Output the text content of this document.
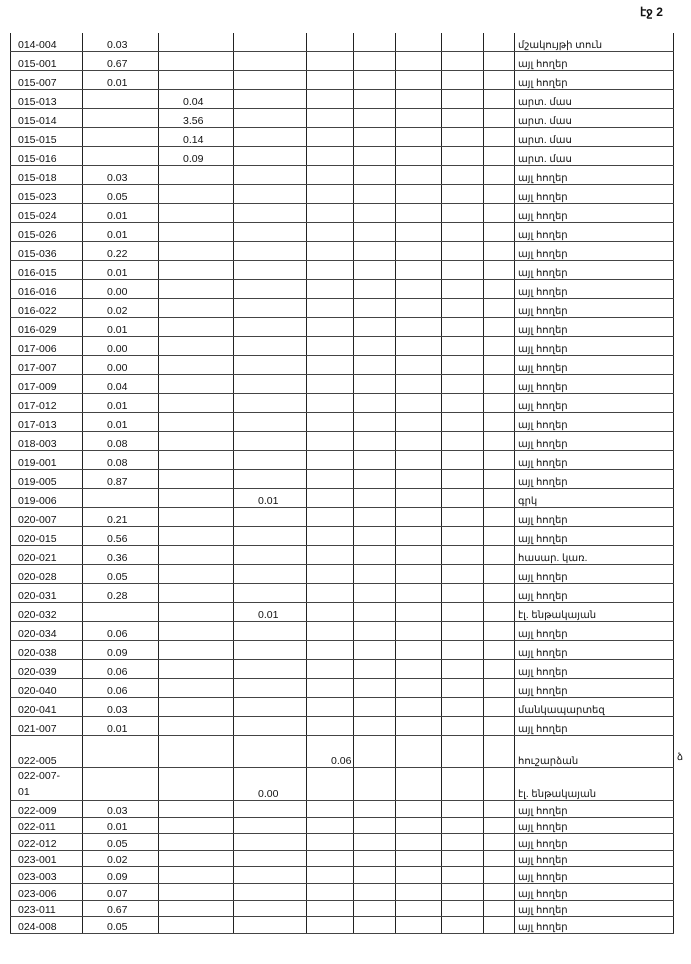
էջ 2
ձ
014-004	0.03								մշակույթի տուն
015-001	0.67								այլ հողեր
015-007	0.01								այլ հողեր
015-013		0.04							արտ. մաս
015-014		3.56							արտ. մաս
015-015		0.14							արտ. մաս
015-016		0.09							արտ. մաս
015-018	0.03								այլ հողեր
015-023	0.05								այլ հողեր
015-024	0.01								այլ հողեր
015-026	0.01								այլ հողեր
015-036	0.22								այլ հողեր
016-015	0.01								այլ հողեր
016-016	0.00								այլ հողեր
016-022	0.02								այլ հողեր
016-029	0.01								այլ հողեր
017-006	0.00								այլ հողեր
017-007	0.00								այլ հողեր
017-009	0.04								այլ հողեր
017-012	0.01								այլ հողեր
017-013	0.01								այլ հողեր
018-003	0.08								այլ հողեր
019-001	0.08								այլ հողեր
019-005	0.87								այլ հողեր
019-006			0.01						գրկ
020-007	0.21								այլ հողեր
020-015	0.56								այլ հողեր
020-021	0.36								հասար. կառ.
020-028	0.05								այլ հողեր
020-031	0.28								այլ հողեր
020-032			0.01						էլ. ենթակայան
020-034	0.06								այլ հողեր
020-038	0.09								այլ հողեր
020-039	0.06								այլ հողեր
020-040	0.06								այլ հողեր
020-041	0.03								մանկապարտեզ
021-007	0.01								այլ հողեր
022-005				0.06					հուշարձան
022-007-
01			0.00						էլ. ենթակայան
022-009	0.03								այլ հողեր
022-011	0.01								այլ հողեր
022-012	0.05								այլ հողեր
023-001	0.02								այլ հողեր
023-003	0.09								այլ հողեր
023-006	0.07								այլ հողեր
023-011	0.67								այլ հողեր
024-008	0.05								այլ հողեր
